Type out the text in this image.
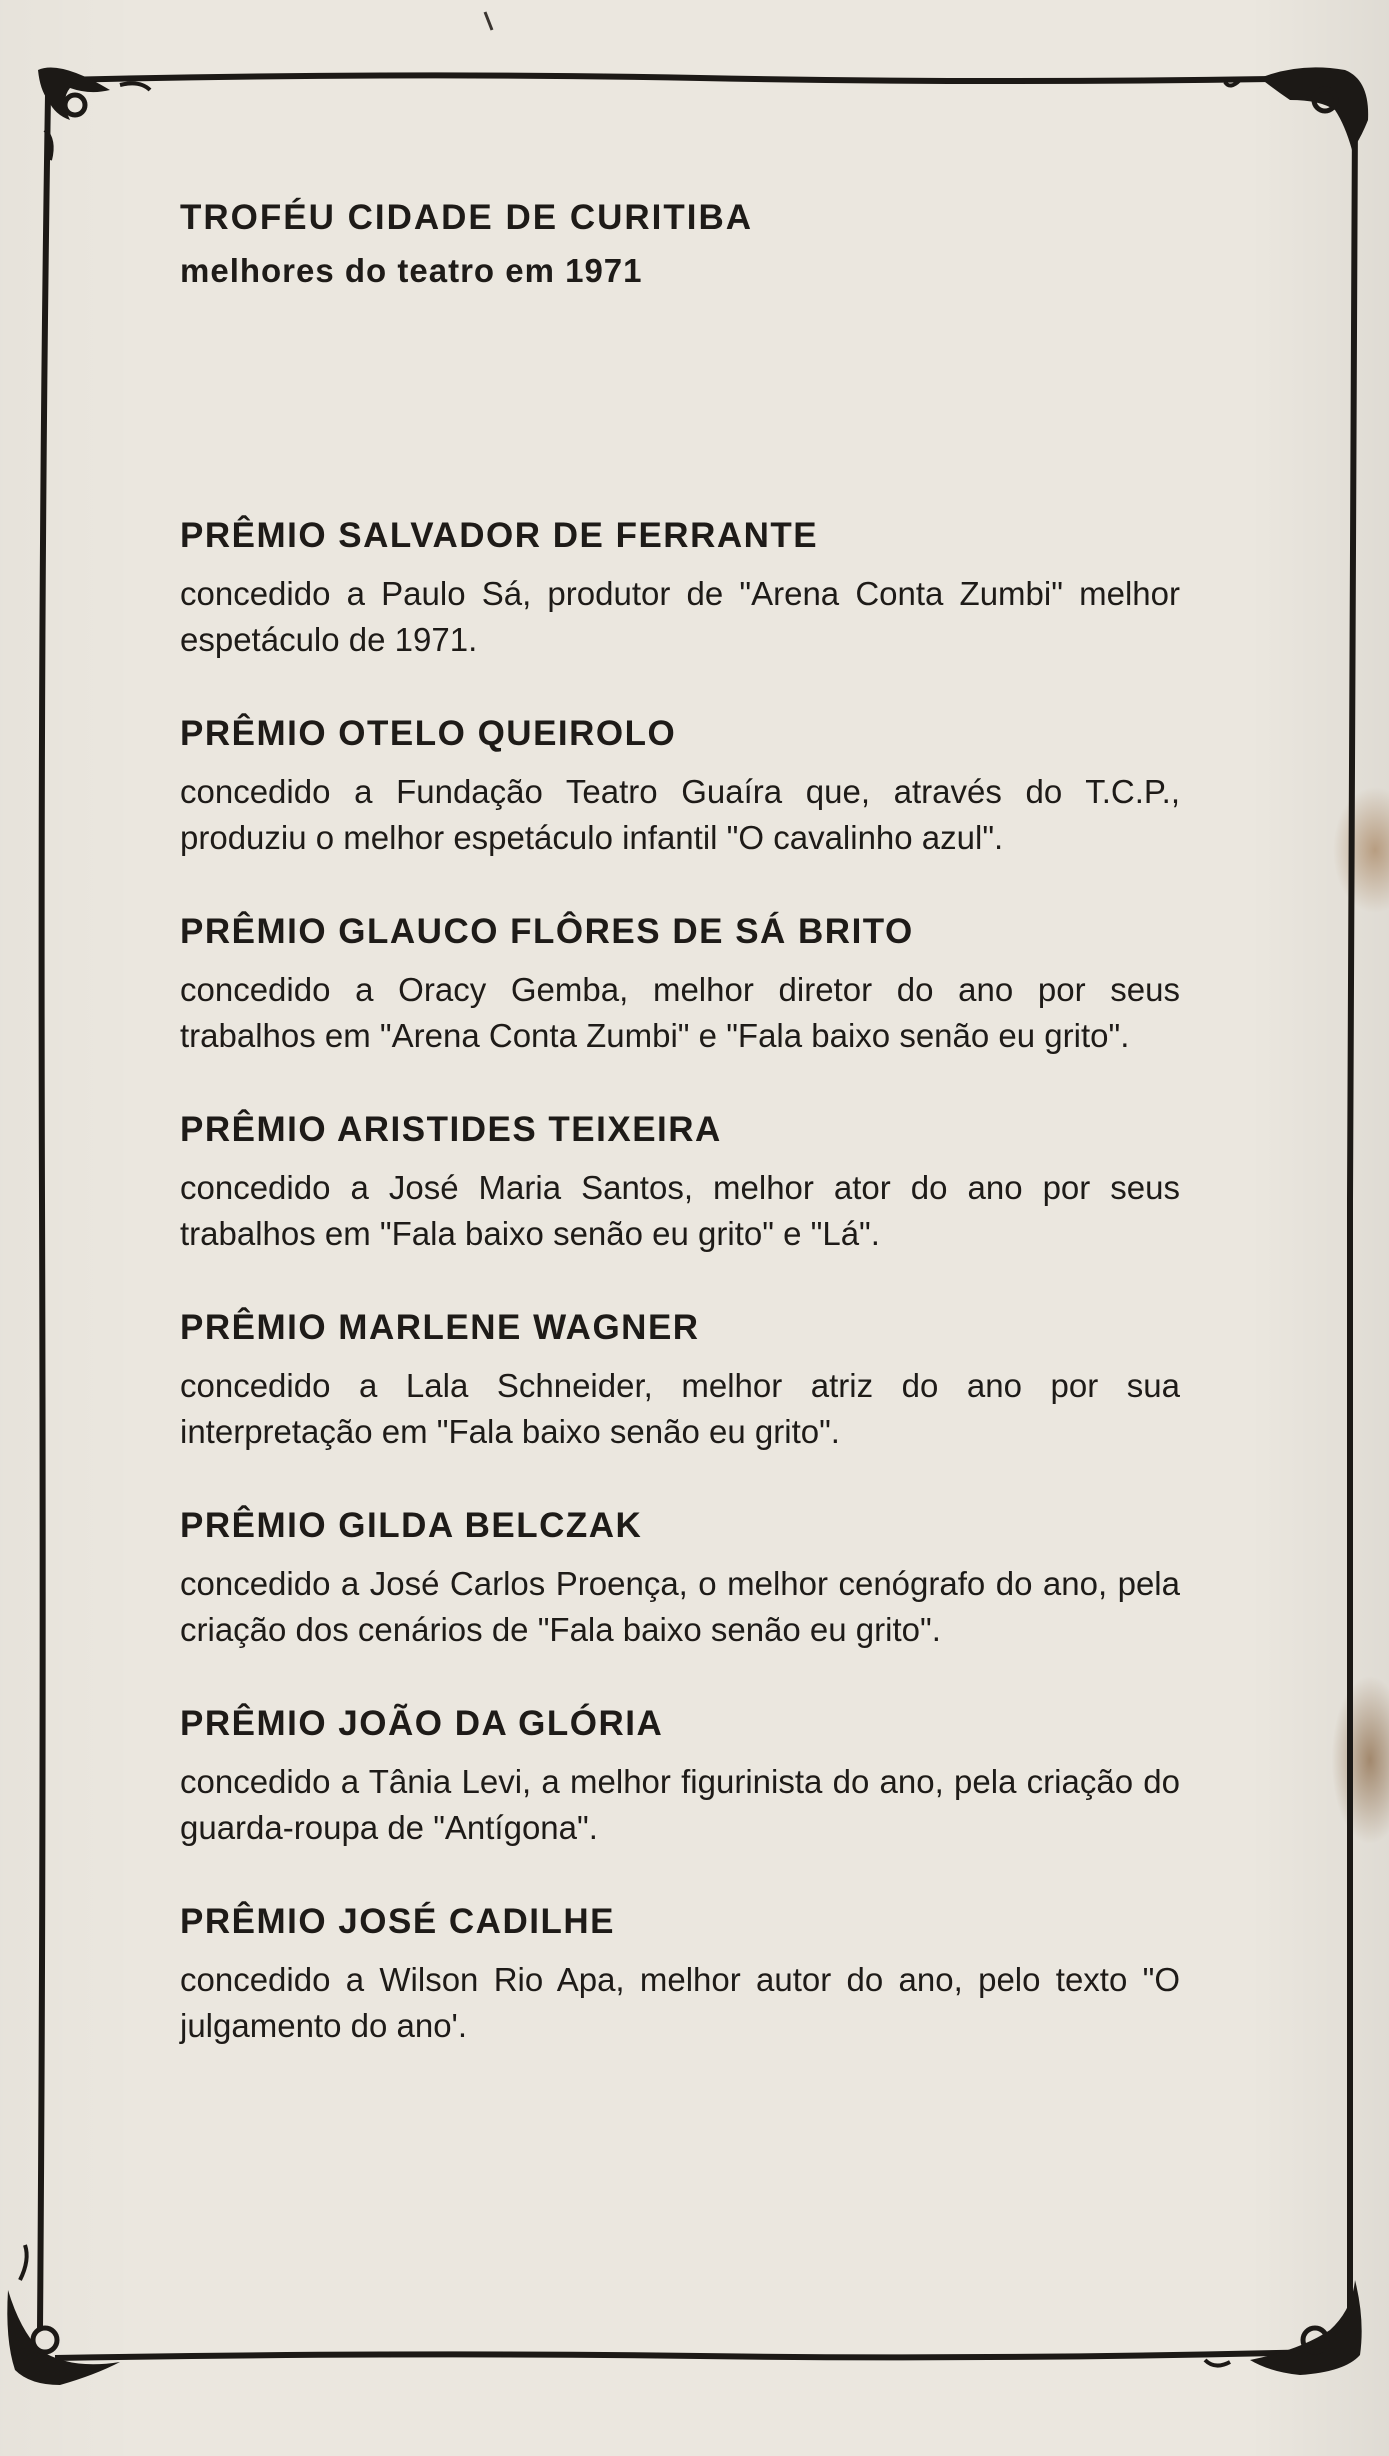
TROFÉU CIDADE DE CURITIBA
melhores do teatro em 1971
PRÊMIO SALVADOR DE FERRANTE

concedido a Paulo Sá, produtor de "Arena Conta Zumbi" melhor espetáculo de 1971.

PRÊMIO OTELO QUEIROLO

concedido a Fundação Teatro Guaíra que, através do T.C.P., produziu o melhor espetáculo infantil "O cavalinho azul".

PRÊMIO GLAUCO FLÔRES DE SÁ BRITO

concedido a Oracy Gemba, melhor diretor do ano por seus trabalhos em "Arena Conta Zumbi" e "Fala baixo senão eu grito".

PRÊMIO ARISTIDES TEIXEIRA

concedido a José Maria Santos, melhor ator do ano por seus trabalhos em "Fala baixo senão eu grito" e "Lá".

PRÊMIO MARLENE WAGNER

concedido a Lala Schneider, melhor atriz do ano por sua interpretação em "Fala baixo senão eu grito".

PRÊMIO GILDA BELCZAK

concedido a José Carlos Proença, o melhor cenógrafo do ano, pela criação dos cenários de "Fala baixo senão eu grito".

PRÊMIO JOÃO DA GLÓRIA

concedido a Tânia Levi, a melhor figurinista do ano, pela criação do guarda-roupa de "Antígona".

PRÊMIO JOSÉ CADILHE

concedido a Wilson Rio Apa, melhor autor do ano, pelo texto "O julgamento do ano'.
